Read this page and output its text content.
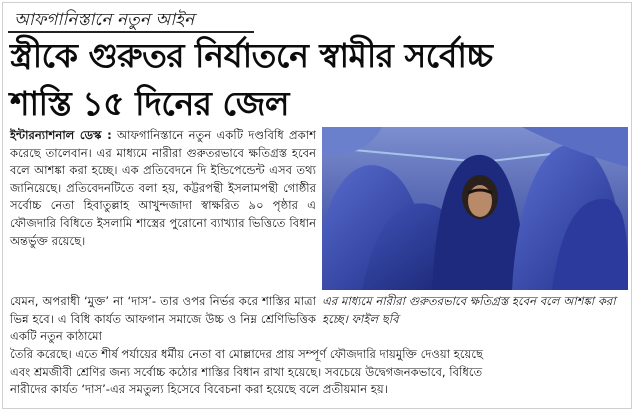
আফগানিস্তানে নতুন আইন
স্ত্রীকে গুরুতর নির্যাতনে স্বামীর সর্বোচ্চ
শাস্তি ১৫ দিনের জেল

ইন্টারন্যাশনাল ডেস্ক : আফগানিস্তানে নতুন একটি দণ্ডবিধি প্রকাশ করেছে তালেবান। এর মাধ্যমে নারীরা গুরুতরভাবে ক্ষতিগ্রস্ত হবেন বলে আশঙ্কা করা হচ্ছে। এক প্রতিবেদনে দি ইন্ডিপেন্ডেন্ট এসব তথ্য জানিয়েছে। প্রতিবেদনটিতে বলা হয়, কট্টরপন্থী ইসলামপন্থী গোষ্ঠীর সর্বোচ্চ নেতা হিবাতুল্লাহ আখুন্দজাদা স্বাক্ষরিত ৯০ পৃষ্ঠার এ ফৌজদারি বিধিতে ইসলামি শাস্ত্রের পুরোনো ব্যাখ্যার ভিত্তিতে বিধান অন্তর্ভুক্ত রয়েছে।

যেমন, অপরাধী ‘মুক্ত’ না ‘দাস’- তার ওপর নির্ভর করে শাস্তির মাত্রা ভিন্ন হবে। এ বিধি কার্যত আফগান সমাজে উচ্চ ও নিম্ন শ্রেণিভিত্তিক একটি নতুন কাঠামো

এর মাধ্যমে নারীরা গুরুতরভাবে ক্ষতিগ্রস্ত হবেন বলে আশঙ্কা করা হচ্ছে। ফাইল ছবি
তৈরি করেছে। এতে শীর্ষ পর্যায়ের ধর্মীয় নেতা বা মোল্লাদের প্রায় সম্পূর্ণ ফৌজদারি দায়মুক্তি দেওয়া হয়েছে
এবং শ্রমজীবী শ্রেণির জন্য সর্বোচ্চ কঠোর শাস্তির বিধান রাখা হয়েছে। সবচেয়ে উদ্বেগজনকভাবে, বিধিতে
নারীদের কার্যত ‘দাস’-এর সমতুল্য হিসেবে বিবেচনা করা হয়েছে বলে প্রতীয়মান হয়।
